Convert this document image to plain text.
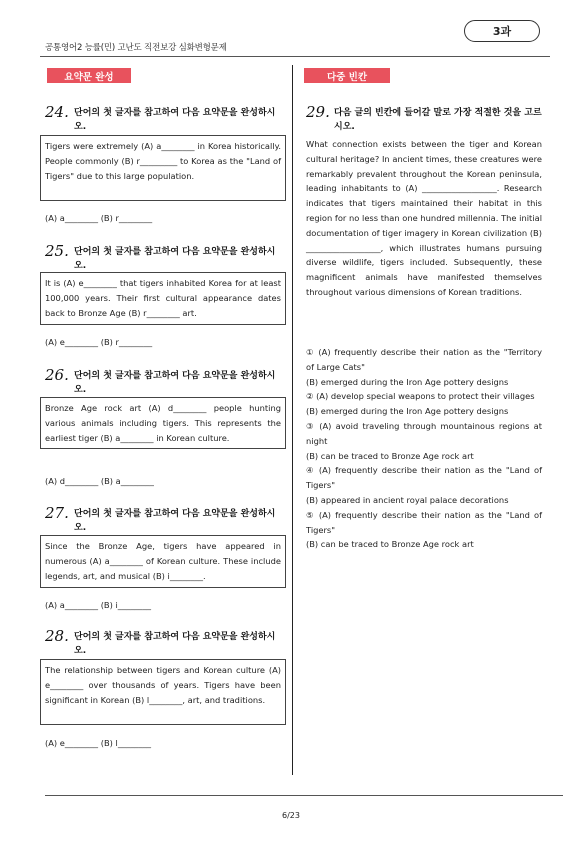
공통영어2 능률(민) 고난도 직전보강 심화변형문제
3과
요약문 완성	다중 빈칸
24. 단어의 첫 글자를 참고하여 다음 요약문을 완성하시오.
Tigers were extremely (A) a________ in Korea historically. People commonly (B) r_________ to Korea as the "Land of Tigers" due to this large population.
(A) a________ (B) r________
25. 단어의 첫 글자를 참고하여 다음 요약문을 완성하시오.
It is (A) e________ that tigers inhabited Korea for at least 100,000 years. Their first cultural appearance dates back to Bronze Age (B) r________ art.
(A) e________ (B) r________
26. 단어의 첫 글자를 참고하여 다음 요약문을 완성하시오.
Bronze Age rock art (A) d________ people hunting various animals including tigers. This represents the earliest tiger (B) a________ in Korean culture.
(A) d________ (B) a________
27. 단어의 첫 글자를 참고하여 다음 요약문을 완성하시오.
Since the Bronze Age, tigers have appeared in numerous (A) a________ of Korean culture. These include legends, art, and musical (B) i________.
(A) a________ (B) i________
28. 단어의 첫 글자를 참고하여 다음 요약문을 완성하시오.
The relationship between tigers and Korean culture (A) e________ over thousands of years. Tigers have been significant in Korean (B) l________, art, and traditions.
(A) e________ (B) l________
29. 다음 글의 빈칸에 들어갈 말로 가장 적절한 것을 고르시오.
What connection exists between the tiger and Korean cultural heritage? In ancient times, these creatures were remarkably prevalent throughout the Korean peninsula, leading inhabitants to (A) __________________. Research indicates that tigers maintained their habitat in this region for no less than one hundred millennia. The initial documentation of tiger imagery in Korean civilization (B) __________________, which illustrates humans pursuing diverse wildlife, tigers included. Subsequently, these magnificent animals have manifested themselves throughout various dimensions of Korean traditions.
① (A) frequently describe their nation as the "Territory of Large Cats"
(B) emerged during the Iron Age pottery designs
② (A) develop special weapons to protect their villages
(B) emerged during the Iron Age pottery designs
③ (A) avoid traveling through mountainous regions at night
(B) can be traced to Bronze Age rock art
④ (A) frequently describe their nation as the "Land of Tigers"
(B) appeared in ancient royal palace decorations
⑤ (A) frequently describe their nation as the "Land of Tigers"
(B) can be traced to Bronze Age rock art
6/23
